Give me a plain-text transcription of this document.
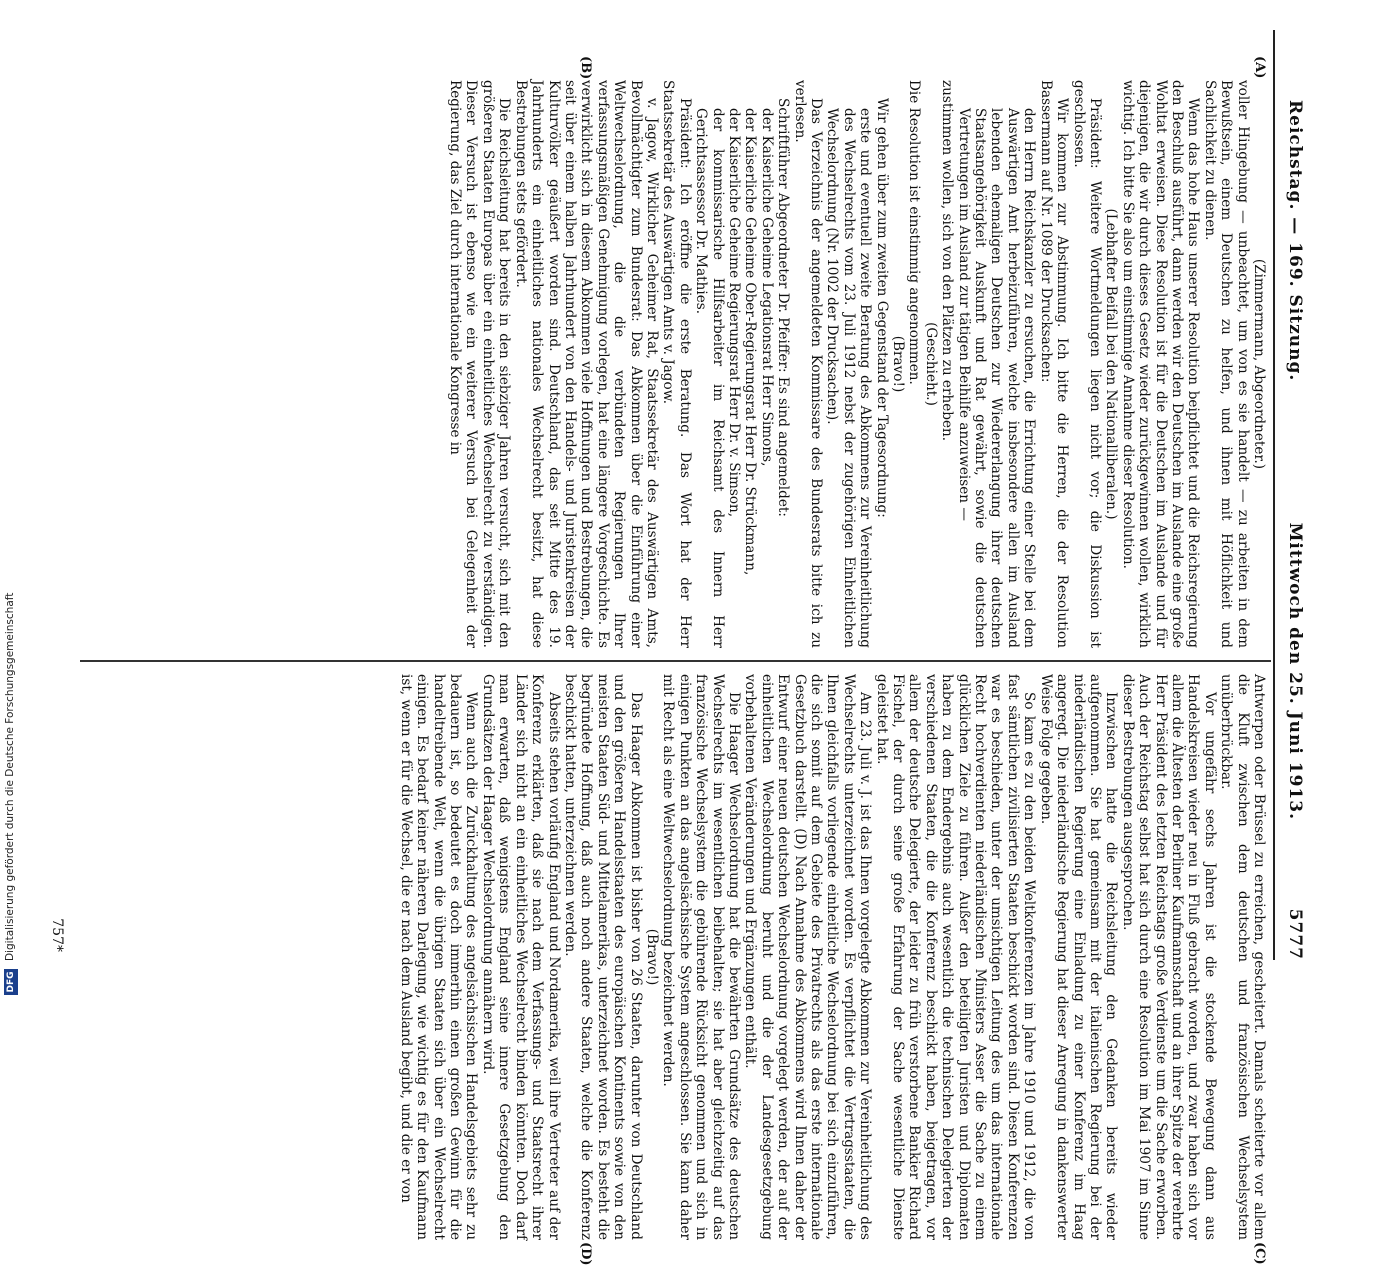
Reichstag. — 169. Sitzung.
Mittwoch den 25. Juni 1913.
5777
(A)
(B)
(C)
(D)

(Zimmermann, Abgeordneter.)

voller Hingebung — unbeachtet, um von es sie handelt — zu arbeiten in dem Bewußtsein, einem Deutschen zu helfen, und ihnen mit Höflichkeit und Sachlichkeit zu dienen.

Wenn das hohe Haus unserer Resolution beipflichtet und die Reichsregierung den Beschluß ausführt, dann werden wir den Deutschen im Auslande eine große Wohltat erweisen. Diese Resolution ist für die Deutschen im Auslande und für diejenigen, die wir durch dieses Gesetz wieder zurückgewinnen wollen, wirklich wichtig. Ich bitte Sie also um einstimmige Annahme dieser Resolution.

(Lebhafter Beifall bei den Nationalliberalen.)

Präsident: Weitere Wortmeldungen liegen nicht vor; die Diskussion ist geschlossen.

Wir kommen zur Abstimmung. Ich bitte die Herren, die der Resolution Bassermann auf Nr. 1089 der Drucksachen:

den Herrn Reichskanzler zu ersuchen, die Errichtung einer Stelle bei dem Auswärtigen Amt herbeizuführen, welche insbesondere allen im Ausland lebenden ehemaligen Deutschen zur Wiedererlangung ihrer deutschen Staatsangehörigkeit Auskunft und Rat gewährt, sowie die deutschen Vertretungen im Ausland zur tätigen Beihilfe anzuweisen —

zustimmen wollen, sich von den Plätzen zu erheben.

(Geschieht.)

Die Resolution ist einstimmig angenommen.

(Bravo!)

Wir gehen über zum zweiten Gegenstand der Tagesordnung:

erste und eventuell zweite Beratung des Abkommens zur Vereinheitlichung des Wechselrechts vom 23. Juli 1912 nebst der zugehörigen Einheitlichen Wechselordnung (Nr. 1002 der Drucksachen).

Das Verzeichnis der angemeldeten Kommissare des Bundesrats bitte ich zu verlesen.

Schriftführer Abgeordneter Dr. Pfeiffer: Es sind angemeldet:

der Kaiserliche Geheime Legationsrat Herr Simons,

der Kaiserliche Geheime Ober-Regierungsrat Herr Dr. Strückmann,

der Kaiserliche Geheime Regierungsrat Herr Dr. v. Simson,

der kommissarische Hilfsarbeiter im Reichsamt des Innern Herr Gerichtsassessor Dr. Mathies.

Präsident: Ich eröffne die erste Beratung. Das Wort hat der Herr Staatssekretär des Auswärtigen Amts v. Jagow.

v. Jagow, Wirklicher Geheimer Rat, Staatssekretär des Auswärtigen Amts, Bevollmächtigter zum Bundesrat: Das Abkommen über die Einführung einer Weltwechselordnung, die die verbündeten Regierungen Ihrer verfassungsmäßigen Genehmigung vorlegen, hat eine längere Vorgeschichte. Es verwirklicht sich in diesem Abkommen viele Hoffnungen und Bestrebungen, die seit über einem halben Jahrhundert von den Handels- und Juristenkreisen der Kulturvölker geäußert worden sind. Deutschland, das seit Mitte des 19. Jahrhunderts ein einheitliches nationales Wechselrecht besitzt, hat diese Bestrebungen stets gefördert.

Die Reichsleitung hat bereits in den siebziger Jahren versucht, sich mit den größeren Staaten Europas über ein einheitliches Wechselrecht zu verständigen. Dieser Versuch ist ebenso wie ein weiterer Versuch bei Gelegenheit der Regierung, das Ziel durch internationale Kongresse in

Antwerpen oder Brüssel zu erreichen, gescheitert. Damals scheiterte vor allem die Kluft zwischen dem deutschen und französischen Wechselsystem unüberbrückbar.

Vor ungefähr sechs Jahren ist die stockende Bewegung dann aus Handelskreisen wieder neu in Fluß gebracht worden, und zwar haben sich vor allem die Ältesten der Berliner Kaufmannschaft und an ihrer Spitze der verehrte Herr Präsident des letzten Reichstags große Verdienste um die Sache erworben. Auch der Reichstag selbst hat sich durch eine Resolution im Mai 1907 im Sinne dieser Bestrebungen ausgesprochen.

Inzwischen hatte die Reichsleitung den Gedanken bereits wieder aufgenommen. Sie hat gemeinsam mit der italienischen Regierung bei der niederländischen Regierung eine Einladung zu einer Konferenz im Haag angeregt. Die niederländische Regierung hat dieser Anregung in dankenswerter Weise Folge gegeben.

So kam es zu den beiden Weltkonferenzen im Jahre 1910 und 1912, die von fast sämtlichen zivilisierten Staaten beschickt worden sind. Diesen Konferenzen war es beschieden, unter der umsichtigen Leitung des um das internationale Recht hochverdienten niederländischen Ministers Asser die Sache zu einem glücklichen Ziele zu führen. Außer den beteiligten Juristen und Diplomaten haben zu dem Endergebnis auch wesentlich die technischen Delegierten der verschiedenen Staaten, die die Konferenz beschickt haben, beigetragen, vor allem der deutsche Delegierte, der leider zu früh verstorbene Bankier Richard Fischel, der durch seine große Erfahrung der Sache wesentliche Dienste geleistet hat.

Am 23. Juli v. J. ist das Ihnen vorgelegte Abkommen zur Vereinheitlichung des Wechselrechts unterzeichnet worden. Es verpflichtet die Vertragsstaaten, die Ihnen gleichfalls vorliegende einheitliche Wechselordnung bei sich einzuführen, die sich somit auf dem Gebiete des Privatrechts als das erste internationale Gesetzbuch darstellt. (D) Nach Annahme des Abkommens wird Ihnen daher der Entwurf einer neuen deutschen Wechselordnung vorgelegt werden, der auf der einheitlichen Wechselordnung beruht und die der Landesgesetzgebung vorbehaltenen Veränderungen und Ergänzungen enthält.

Die Haager Wechselordnung hat die bewährten Grundsätze des deutschen Wechselrechts im wesentlichen beibehalten; sie hat aber gleichzeitig auf das französische Wechselsystem die gebührende Rücksicht genommen und sich in einigen Punkten an das angelsächsische System angeschlossen. Sie kann daher mit Recht als eine Weltwechselordnung bezeichnet werden.

(Bravo!)

Das Haager Abkommen ist bisher von 26 Staaten, darunter von Deutschland und den größeren Handelsstaaten des europäischen Kontinents sowie von den meisten Staaten Süd- und Mittelamerikas, unterzeichnet worden. Es besteht die begründete Hoffnung, daß auch noch andere Staaten, welche die Konferenz beschickt hatten, unterzeichnen werden.

Abseits stehen vorläufig England und Nordamerika, weil ihre Vertreter auf der Konferenz erklärten, daß sie nach dem Verfassungs- und Staatsrecht ihrer Länder sich nicht an ein einheitliches Wechselrecht binden könnten. Doch darf man erwarten, daß wenigstens England seine innere Gesetzgebung den Grundsätzen der Haager Wechselordnung annähern wird.

Wenn auch die Zurückhaltung des angelsächsischen Handelsgebiets sehr zu bedauern ist, so bedeutet es doch immerhin einen großen Gewinn für die handeltreibende Welt, wenn die übrigen Staaten sich über ein Wechselrecht einigen. Es bedarf keiner näheren Darlegung, wie wichtig es für den Kaufmann ist, wenn er für die Wechsel, die er nach dem Ausland begibt, und die er von

757*
DFG
Digitalisierung gefördert durch die Deutsche Forschungsgemeinschaft
